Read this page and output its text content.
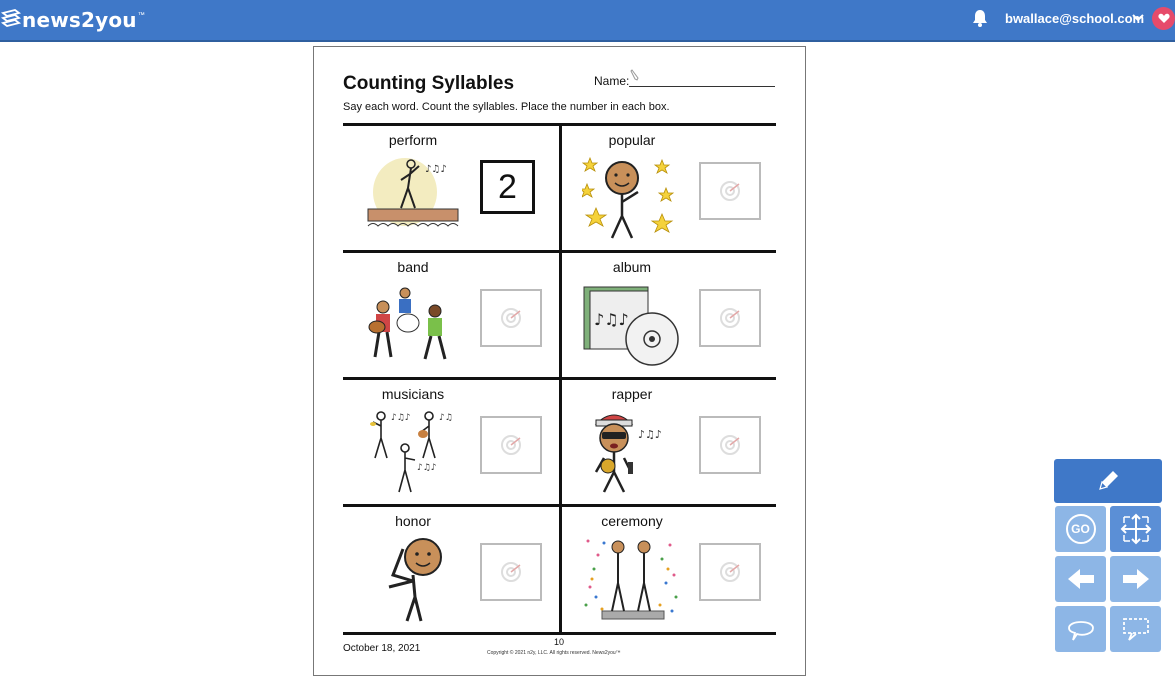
news2you ™	bwallace@school.com
Counting Syllables	Name:
Say each word. Count the syllables. Place the number in each box.
perform
♪♫♪	2
popular
band	album
♪♫♪
musicians
♪♫♪	♪♫
♪♫♪
rapper
♪♫♪
honor	ceremony
October 18, 2021
10
Copyright © 2021 n2y, LLC. All rights reserved. News2you™
GO
